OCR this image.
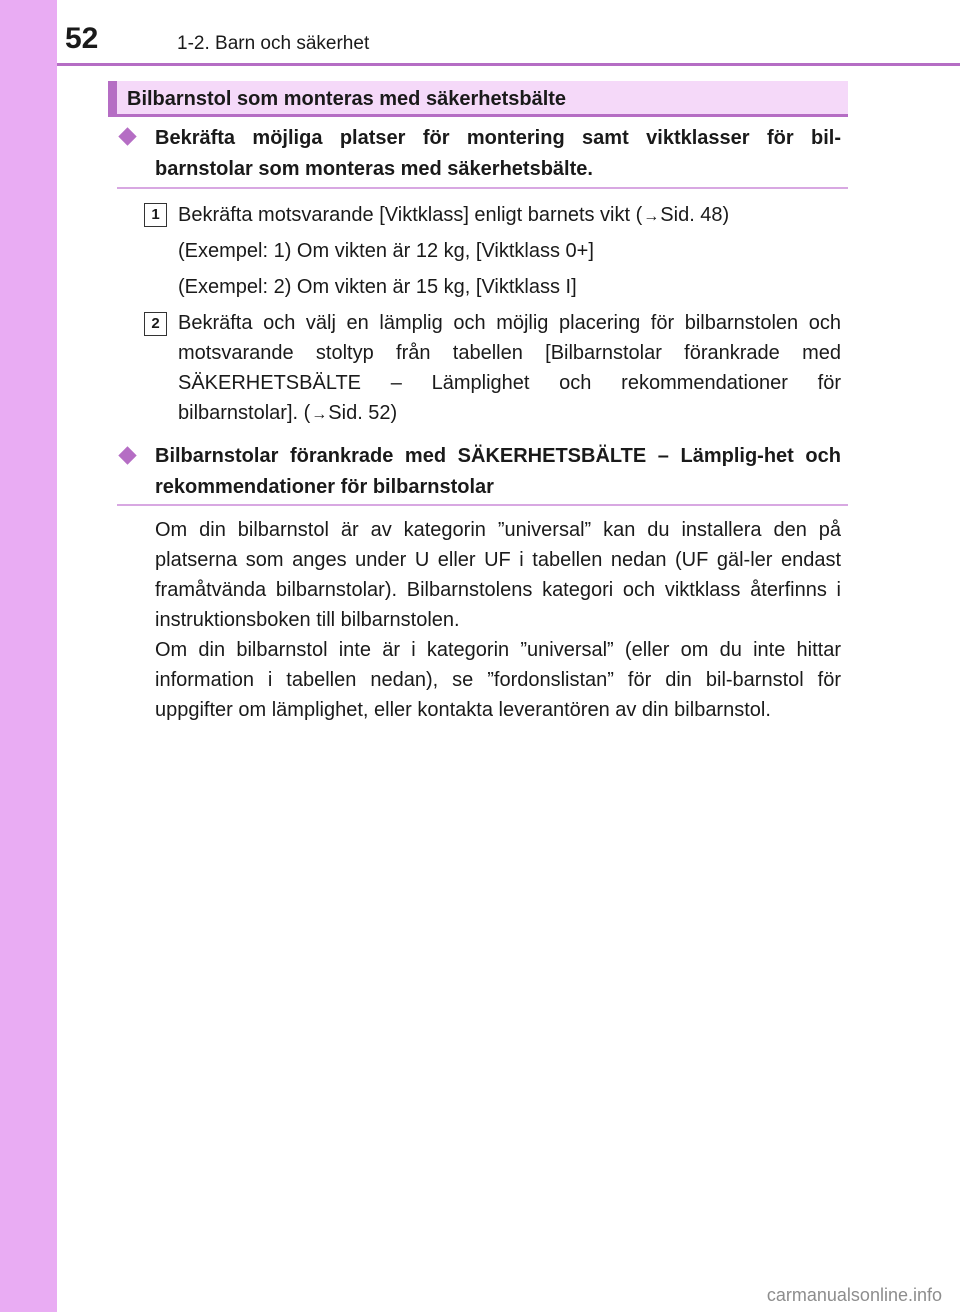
52	1-2. Barn och säkerhet
Bilbarnstol som monteras med säkerhetsbälte
Bekräfta möjliga platser för montering samt viktklasser för bil-barnstolar som monteras med säkerhetsbälte.
1 Bekräfta motsvarande [Viktklass] enligt barnets vikt (→Sid. 48)
(Exempel: 1) Om vikten är 12 kg, [Viktklass 0+]
(Exempel: 2) Om vikten är 15 kg, [Viktklass I]
2 Bekräfta och välj en lämplig och möjlig placering för bilbarnstolen och motsvarande stoltyp från tabellen [Bilbarnstolar förankrade med SÄKERHETSBÄLTE – Lämplighet och rekommendationer för bilbarnstolar]. (→Sid. 52)
Bilbarnstolar förankrade med SÄKERHETSBÄLTE – Lämplig-het och rekommendationer för bilbarnstolar

Om din bilbarnstol är av kategorin ”universal” kan du installera den på platserna som anges under U eller UF i tabellen nedan (UF gäl-ler endast framåtvända bilbarnstolar). Bilbarnstolens kategori och viktklass återfinns i instruktionsboken till bilbarnstolen.

Om din bilbarnstol inte är i kategorin ”universal” (eller om du inte hittar information i tabellen nedan), se ”fordonslistan” för din bil-barnstol för uppgifter om lämplighet, eller kontakta leverantören av din bilbarnstol.

carmanualsonline.info
